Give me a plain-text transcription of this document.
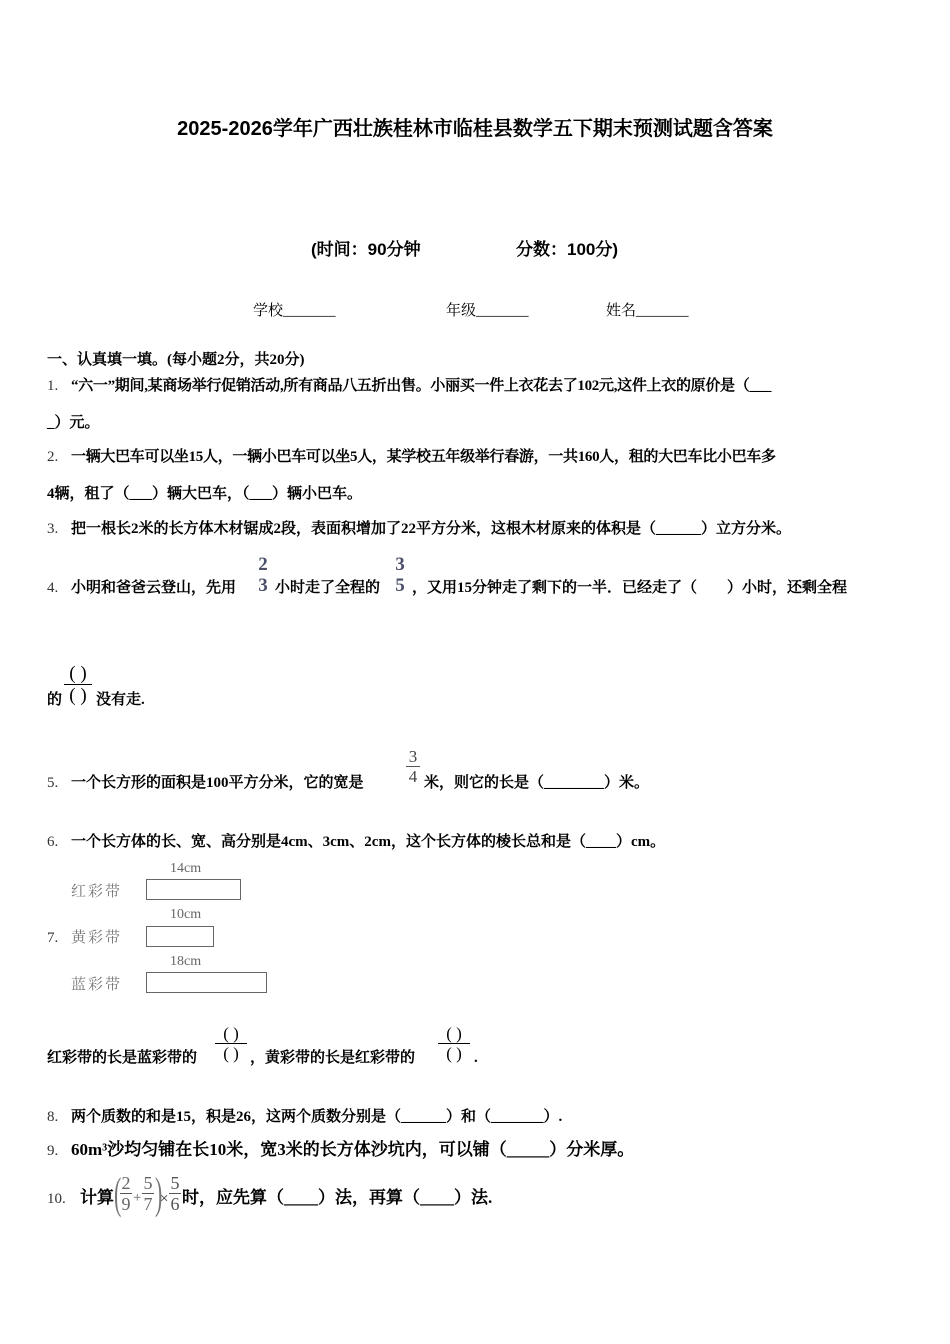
2025-2026学年广西壮族桂林市临桂县数学五下期末预测试题含答案
(时间：90分钟	分数：100分)
学校_______	年级_______	姓名_______
一、认真填一填。(每小题2分，共20分)
1. “六一”期间,某商场举行促销活动,所有商品八五折出售。小丽买一件上衣花去了102元,这件上衣的原价是（___
_）元。
2. 一辆大巴车可以坐15人，一辆小巴车可以坐5人，某学校五年级举行春游，一共160人，租的大巴车比小巴车多
4辆，租了（___）辆大巴车，（___）辆小巴车。
3. 把一根长2米的长方体木材锯成2段，表面积增加了22平方分米，这根木材原来的体积是（______）立方分米。
4. 小明和爸爸云登山，先用
2
3 小时走了全程的
3
5 ，又用15分钟走了剩下的一半．已经走了（　　）小时，还剩全程
的
( )
( ) 没有走.
5. 一个长方形的面积是100平方分米，它的宽是 $\frac{3}{4}$ 米，则它的长是（________）米。
6. 一个长方体的长、宽、高分别是4cm、3cm、2cm，这个长方体的棱长总和是（____）cm。
7.
红彩带
14cm
黄彩带
10cm
蓝彩带
18cm
红彩带的长是蓝彩带的
( )
( ) ，黄彩带的长是红彩带的
( )
( ) .
8. 两个质数的和是15，积是26，这两个质数分别是（______）和（_______）.
9. 60m³沙均匀铺在长10米，宽3米的长方体沙坑内，可以铺（_____）分米厚。
10. 计算 (
$\frac{2}{9} + \frac{5}{7}$ )
× $\frac{5}{6}$ 时，应先算（____）法，再算（____）法.
